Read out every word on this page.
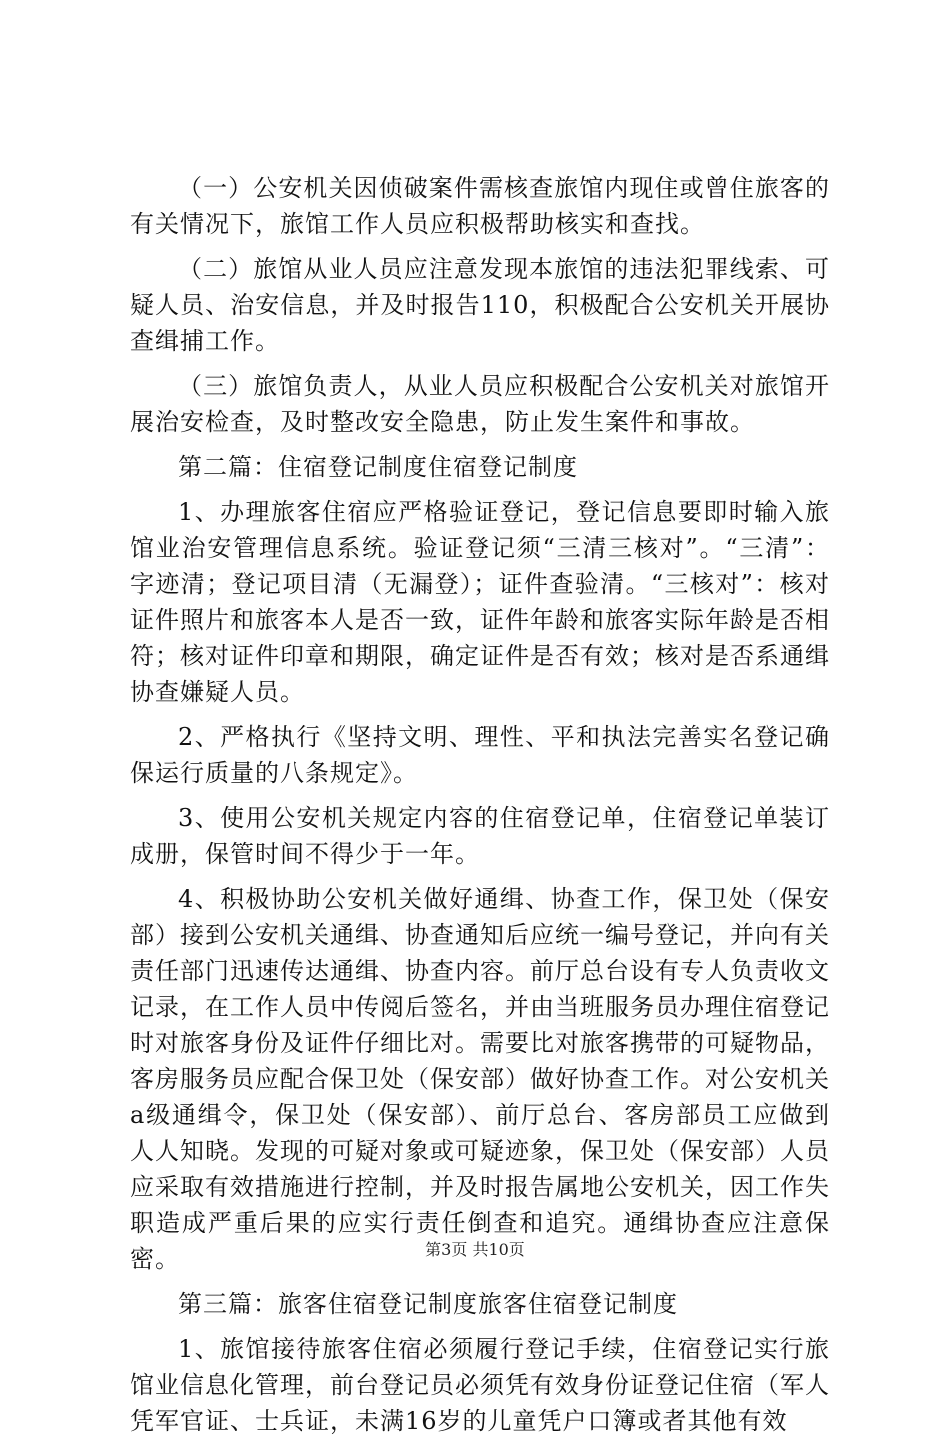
（一）公安机关因侦破案件需核查旅馆内现住或曾住旅客的有关情况下，旅馆工作人员应积极帮助核实和查找。

（二）旅馆从业人员应注意发现本旅馆的违法犯罪线索、可疑人员、治安信息，并及时报告110，积极配合公安机关开展协查缉捕工作。

（三）旅馆负责人，从业人员应积极配合公安机关对旅馆开展治安检查，及时整改安全隐患，防止发生案件和事故。

第二篇：住宿登记制度住宿登记制度

1、办理旅客住宿应严格验证登记，登记信息要即时输入旅馆业治安管理信息系统。验证登记须“三清三核对”。“三清”：字迹清；登记项目清（无漏登）；证件查验清。“三核对”：核对证件照片和旅客本人是否一致，证件年龄和旅客实际年龄是否相符；核对证件印章和期限，确定证件是否有效；核对是否系通缉协查嫌疑人员。

2、严格执行《坚持文明、理性、平和执法完善实名登记确保运行质量的八条规定》。

3、使用公安机关规定内容的住宿登记单，住宿登记单装订成册，保管时间不得少于一年。

4、积极协助公安机关做好通缉、协查工作，保卫处（保安部）接到公安机关通缉、协查通知后应统一编号登记，并向有关责任部门迅速传达通缉、协查内容。前厅总台设有专人负责收文记录，在工作人员中传阅后签名，并由当班服务员办理住宿登记时对旅客身份及证件仔细比对。需要比对旅客携带的可疑物品，客房服务员应配合保卫处（保安部）做好协查工作。对公安机关a级通缉令，保卫处（保安部）、前厅总台、客房部员工应做到人人知晓。发现的可疑对象或可疑迹象，保卫处（保安部）人员应采取有效措施进行控制，并及时报告属地公安机关，因工作失职造成严重后果的应实行责任倒查和追究。通缉协查应注意保密。

第三篇：旅客住宿登记制度旅客住宿登记制度

1、旅馆接待旅客住宿必须履行登记手续，住宿登记实行旅馆业信息化管理，前台登记员必须凭有效身份证登记住宿（军人凭军官证、士兵证，未满16岁的儿童凭户口簿或者其他有效

第3页 共10页
